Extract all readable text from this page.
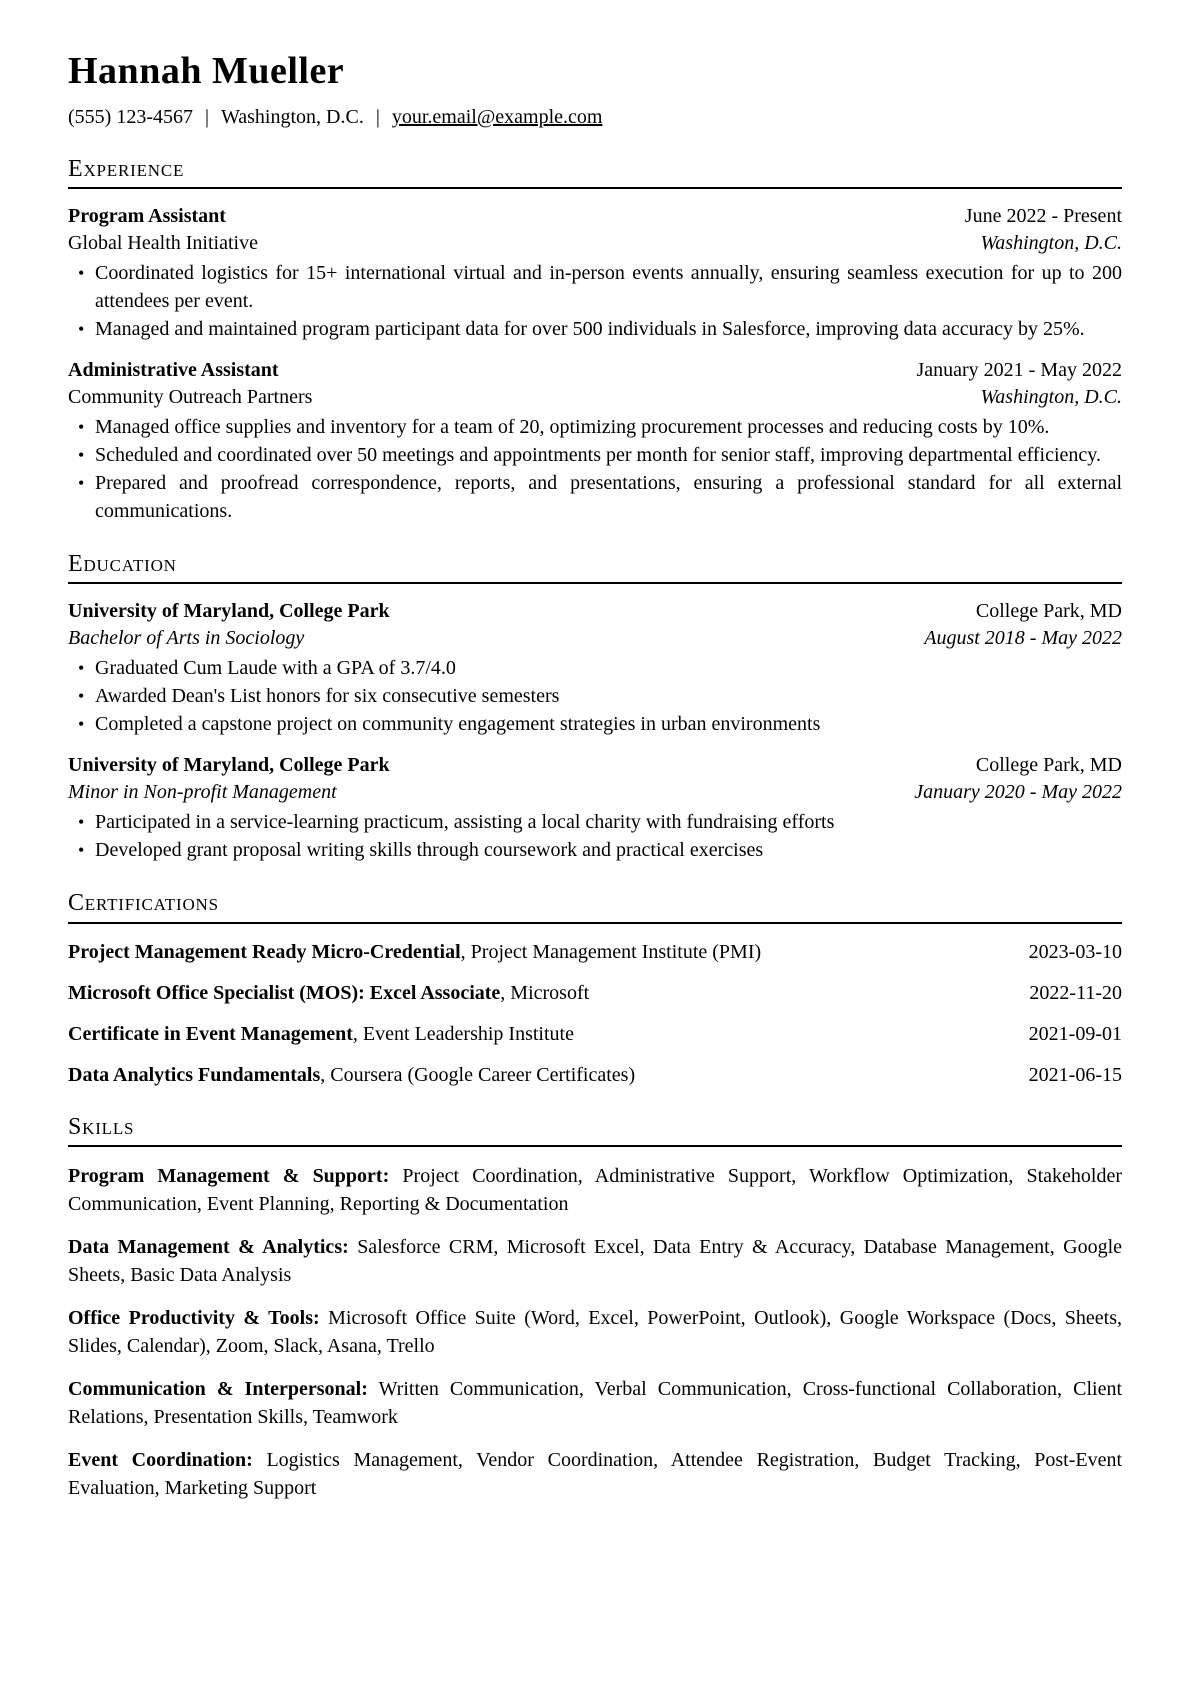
Hannah Mueller
(555) 123-4567 | Washington, D.C. | your.email@example.com
Experience
Program Assistant	June 2022 - Present
Global Health Initiative	Washington, D.C.
• Coordinated logistics for 15+ international virtual and in-person events annually, ensuring seamless execution for up to 200 attendees per event.
• Managed and maintained program participant data for over 500 individuals in Salesforce, improving data accuracy by 25%.
Administrative Assistant	January 2021 - May 2022
Community Outreach Partners	Washington, D.C.
• Managed office supplies and inventory for a team of 20, optimizing procurement processes and reducing costs by 10%.
• Scheduled and coordinated over 50 meetings and appointments per month for senior staff, improving departmental efficiency.
• Prepared and proofread correspondence, reports, and presentations, ensuring a professional standard for all external communications.
Education
University of Maryland, College Park	College Park, MD
Bachelor of Arts in Sociology	August 2018 - May 2022
• Graduated Cum Laude with a GPA of 3.7/4.0
• Awarded Dean's List honors for six consecutive semesters
• Completed a capstone project on community engagement strategies in urban environments
University of Maryland, College Park	College Park, MD
Minor in Non-profit Management	January 2020 - May 2022
• Participated in a service-learning practicum, assisting a local charity with fundraising efforts
• Developed grant proposal writing skills through coursework and practical exercises
Certifications
Project Management Ready Micro-Credential, Project Management Institute (PMI)	2023-03-10
Microsoft Office Specialist (MOS): Excel Associate, Microsoft	2022-11-20
Certificate in Event Management, Event Leadership Institute	2021-09-01
Data Analytics Fundamentals, Coursera (Google Career Certificates)	2021-06-15
Skills

Program Management & Support: Project Coordination, Administrative Support, Workflow Optimization, Stakeholder Communication, Event Planning, Reporting & Documentation

Data Management & Analytics: Salesforce CRM, Microsoft Excel, Data Entry & Accuracy, Database Management, Google Sheets, Basic Data Analysis

Office Productivity & Tools: Microsoft Office Suite (Word, Excel, PowerPoint, Outlook), Google Workspace (Docs, Sheets, Slides, Calendar), Zoom, Slack, Asana, Trello

Communication & Interpersonal: Written Communication, Verbal Communication, Cross-functional Collaboration, Client Relations, Presentation Skills, Teamwork

Event Coordination: Logistics Management, Vendor Coordination, Attendee Registration, Budget Tracking, Post-Event Evaluation, Marketing Support
